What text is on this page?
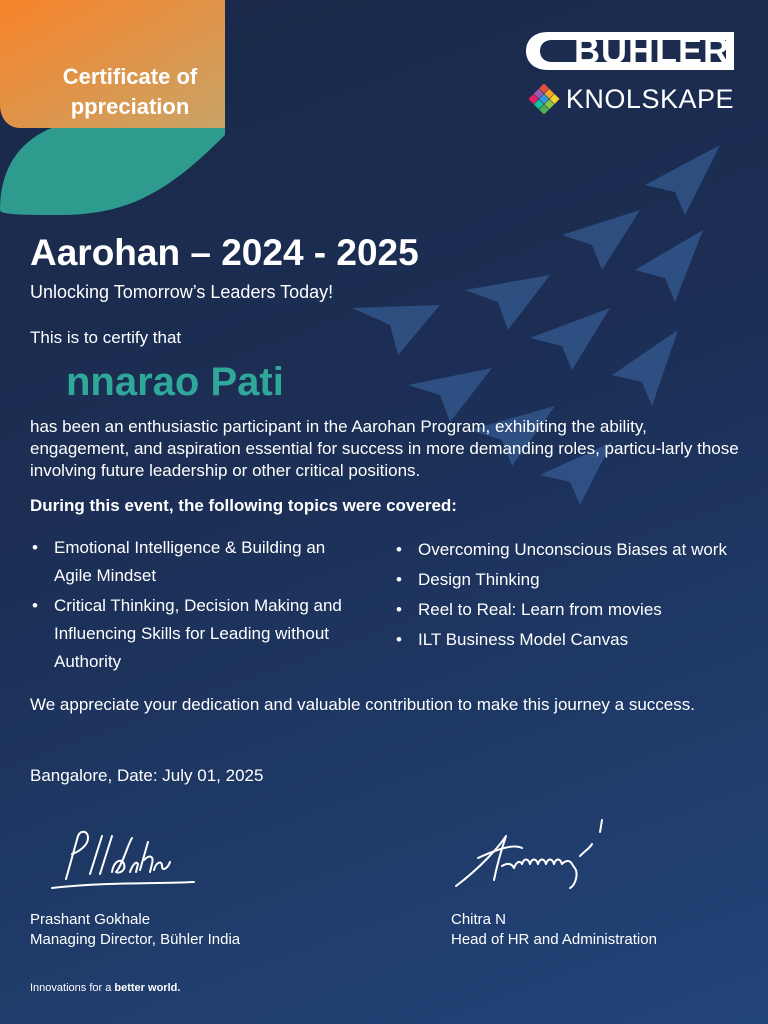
Certificate of
ppreciation
BÜHLER
KNOLSKAPE
Aarohan – 2024 - 2025
Unlocking Tomorrow’s Leaders Today!
This is to certify that
nnarao Pati
has been an enthusiastic participant in the Aarohan Program, exhibiting the ability, engagement, and aspiration essential for success in more demanding roles, particu-larly those involving future leadership or other critical positions.
During this event, the following topics were covered:
• Emotional Intelligence & Building an Agile Mindset
• Critical Thinking, Decision Making and Influencing Skills for Leading without Authority
• Overcoming Unconscious Biases at work
• Design Thinking
• Reel to Real: Learn from movies
• ILT Business Model Canvas
We appreciate your dedication and valuable contribution to make this journey a success.
Bangalore, Date: July 01, 2025
Prashant Gokhale
Managing Director, Bühler India
Chitra N
Head of HR and Administration
Innovations for a better world.
